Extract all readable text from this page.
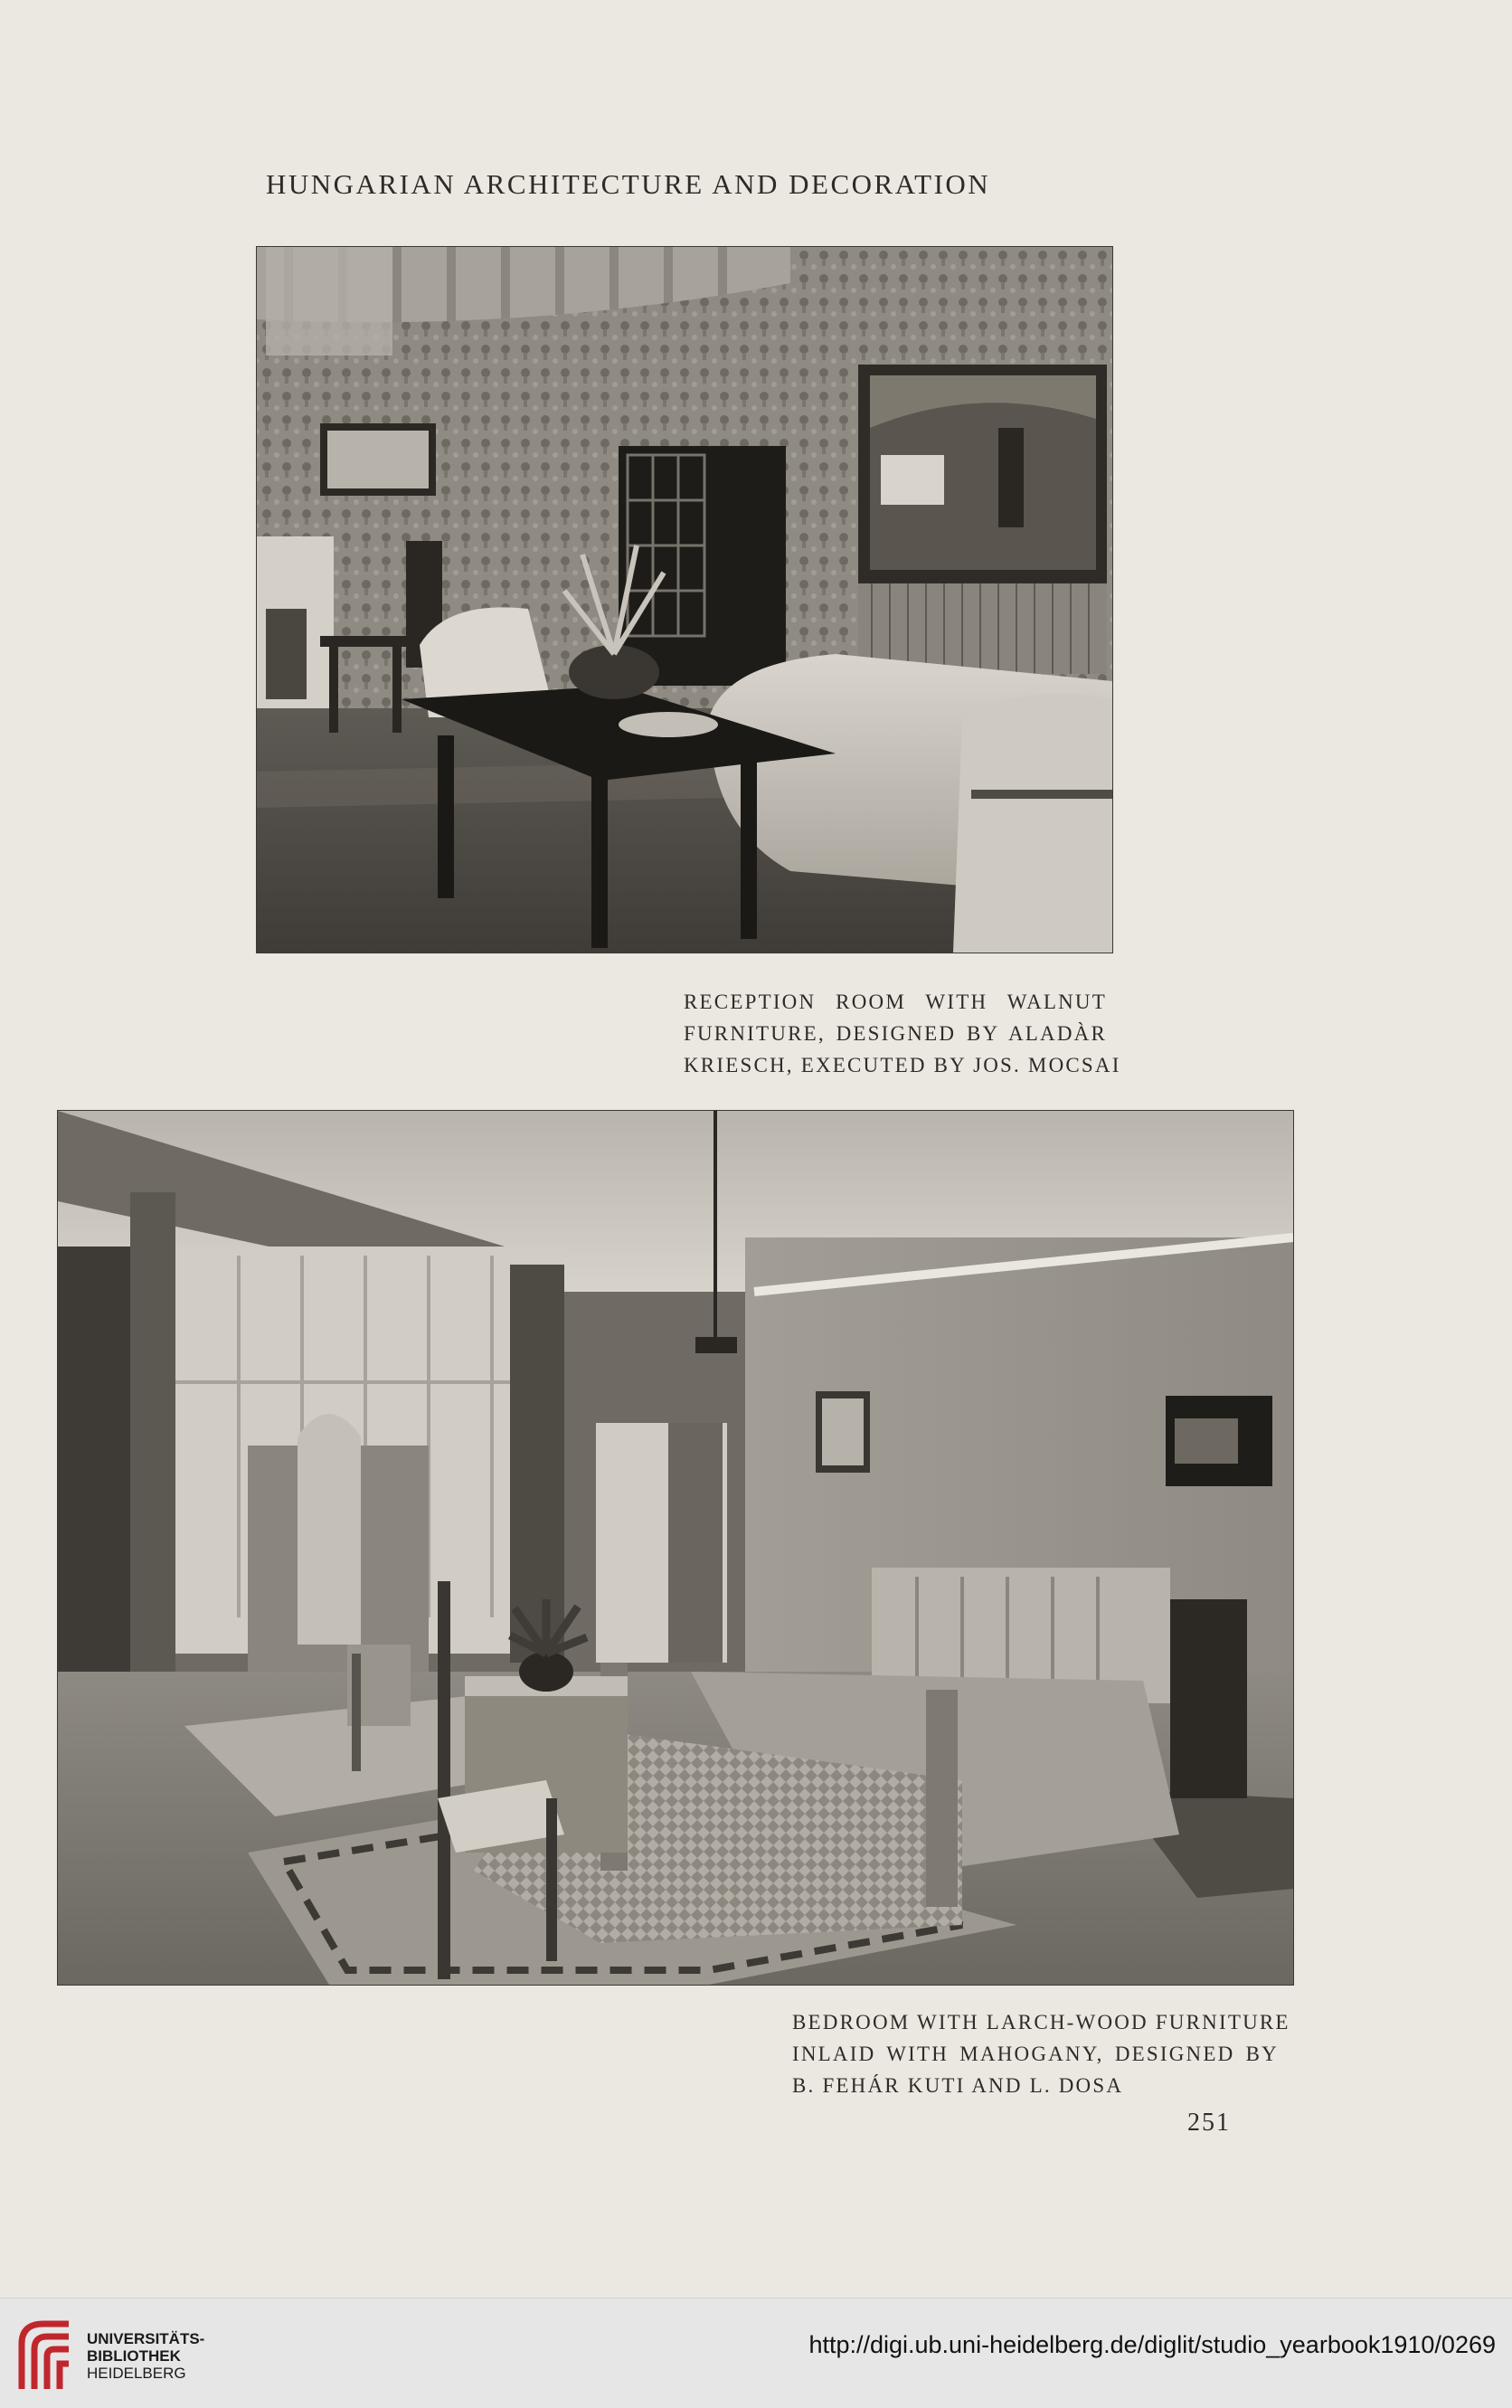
HUNGARIAN ARCHITECTURE AND DECORATION
RECEPTION ROOM WITH WALNUT
FURNITURE, DESIGNED BY ALADÀR
KRIESCH, EXECUTED BY JOS. MOCSAI
BEDROOM WITH LARCH-WOOD FURNITURE
INLAID WITH MAHOGANY, DESIGNED BY
B. FEHÁR KUTI AND L. DOSA
251
UNIVERSITÄTS-
BIBLIOTHEK
HEIDELBERG
http://digi.ub.uni-heidelberg.de/diglit/studio_yearbook1910/0269
